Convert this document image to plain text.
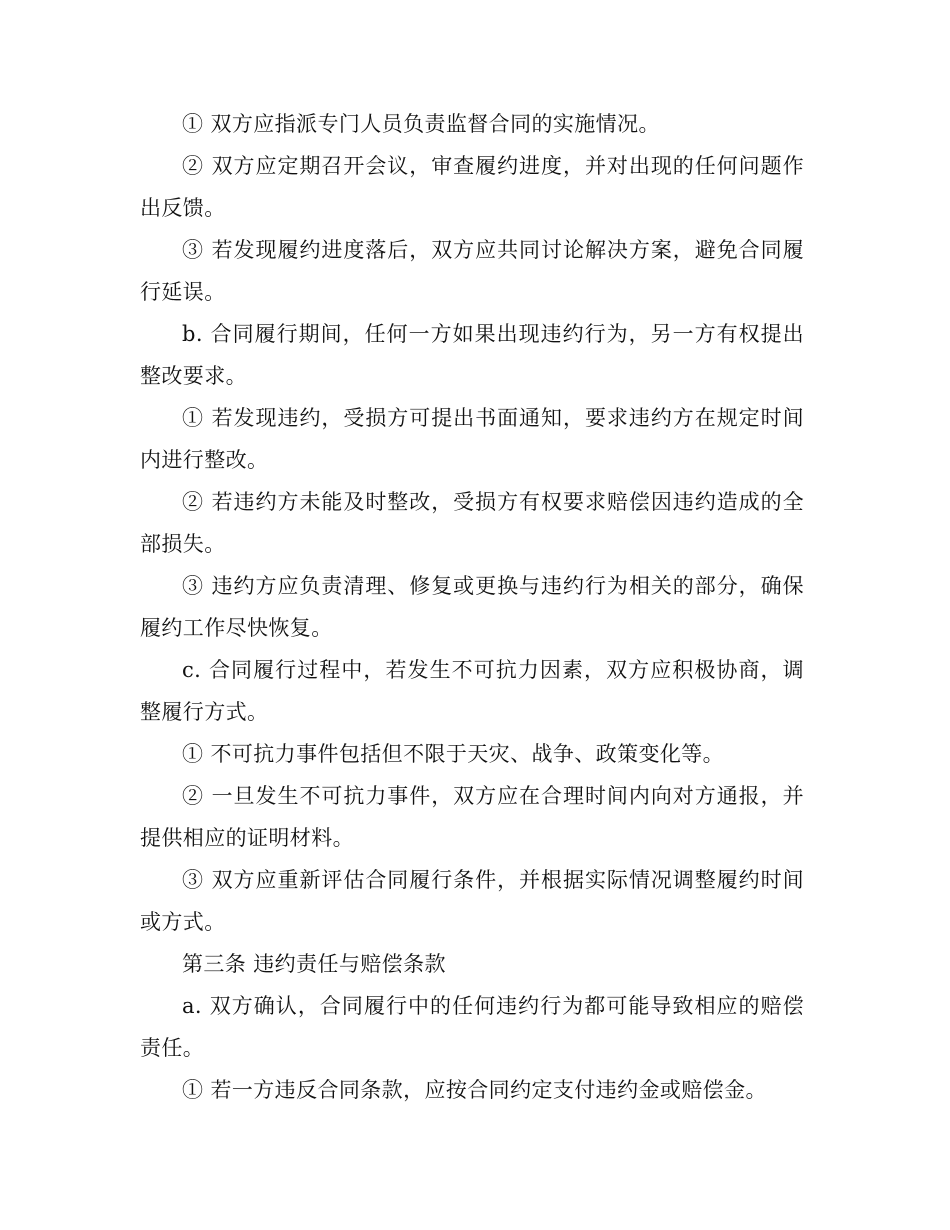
① 双方应指派专门人员负责监督合同的实施情况。

② 双方应定期召开会议，审查履约进度，并对出现的任何问题作出反馈。

③ 若发现履约进度落后，双方应共同讨论解决方案，避免合同履行延误。

b. 合同履行期间，任何一方如果出现违约行为，另一方有权提出整改要求。

① 若发现违约，受损方可提出书面通知，要求违约方在规定时间内进行整改。

② 若违约方未能及时整改，受损方有权要求赔偿因违约造成的全部损失。

③ 违约方应负责清理、修复或更换与违约行为相关的部分，确保履约工作尽快恢复。

c. 合同履行过程中，若发生不可抗力因素，双方应积极协商，调整履行方式。

① 不可抗力事件包括但不限于天灾、战争、政策变化等。

② 一旦发生不可抗力事件，双方应在合理时间内向对方通报，并提供相应的证明材料。

③ 双方应重新评估合同履行条件，并根据实际情况调整履约时间或方式。

第三条 违约责任与赔偿条款

a. 双方确认，合同履行中的任何违约行为都可能导致相应的赔偿责任。

① 若一方违反合同条款，应按合同约定支付违约金或赔偿金。
